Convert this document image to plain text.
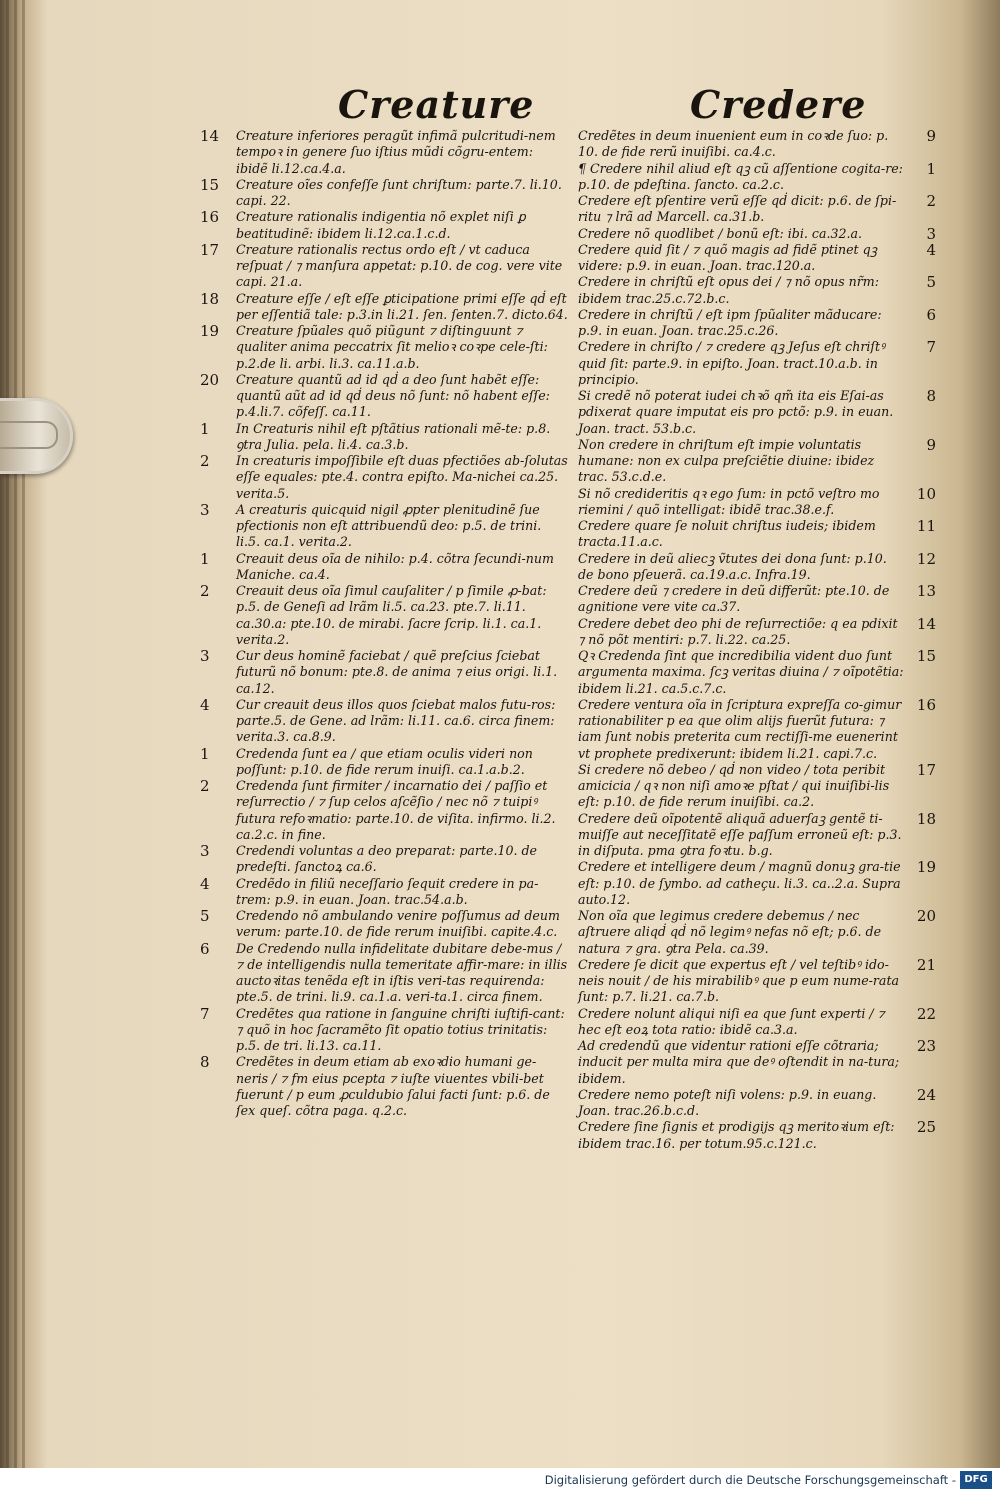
Creature	Credere
14 Creature inferiores peragũt infimã pulcritudi-nem tempoꝛ in genere ſuo iſtius mũdi cõgru-entem: ibidẽ li.12.ca.4.a.
15 Creature oĩes confeſſe ſunt chriſtum: parte.7. li.10. capi. 22.
16 Creature rationalis indigentia nõ explet niſi ꝑ beatitudinẽ: ibidem li.12.ca.1.c.d.
17 Creature rationalis rectus ordo eſt / vt caduca reſpuat / ⁊ manſura appetat: p.10. de cog. vere vite capi. 21.a.
18 Creature eſſe / eſt eſſe ꝑticipatione primi eſſe qḋ eſt per eſſentiã tale: p.3.in li.21. ſen. ſenten.7. dicto.64.
19 Creature ſpũales quõ piũgunt ⁊ diſtinguunt ⁊ qualiter anima peccatrix ſit melioꝛ coꝛpe cele-ſti: p.2.de li. arbi. li.3. ca.11.a.b.
20 Creature quantũ ad id qḋ a deo ſunt habẽt eſſe: quantũ aũt ad id qḋ deus nõ ſunt: nõ habent eſſe: p.4.li.7. cõfeſſ. ca.11.
1 In Creaturis nihil eſt pſtãtius rationali mẽ-te: p.8. ꝯtra Julia. pela. li.4. ca.3.b.
2 In creaturis impoſſibile eſt duas pfectiões ab-ſolutas eſſe equales: pte.4. contra epiſto. Ma-nichei ca.25. verita.5.
3 A creaturis quicquid nigil ꝓpter plenitudinẽ ſue pfectionis non eſt attribuendũ deo: p.5. de trini. li.5. ca.1. verita.2.
1 Creauit deus oĩa de nihilo: p.4. cõtra ſecundi-num Maniche. ca.4.
2 Creauit deus oĩa ſimul cauſaliter / p ſimile ꝓ-bat: p.5. de Geneſi ad lrãm li.5. ca.23. pte.7. li.11. ca.30.a: pte.10. de mirabi. ſacre ſcrip. li.1. ca.1. verita.2.
3 Cur deus hominẽ faciebat / quẽ preſcius ſciebat futurũ nõ bonum: pte.8. de anima ⁊ eius origi. li.1. ca.12.
4 Cur creauit deus illos quos ſciebat malos futu-ros: parte.5. de Gene. ad lrãm: li.11. ca.6. circa finem: verita.3. ca.8.9.
1 Credenda ſunt ea / que etiam oculis videri non poſſunt: p.10. de fide rerum inuiſi. ca.1.a.b.2.
2 Credenda ſunt firmiter / incarnatio dei / paſſio et reſurrectio / ⁊ ſup celos aſcẽſio / nec nõ ⁊ tuipiꝰ futura refoꝛmatio: parte.10. de viſita. infirmo. li.2. ca.2.c. in fine.
3 Credendi voluntas a deo preparat: parte.10. de predeſti. ſanctoꝝ ca.6.
4 Credẽdo in filiũ neceſſario ſequit credere in pa-trem: p.9. in euan. Joan. trac.54.a.b.
5 Credendo nõ ambulando venire poſſumus ad deum verum: parte.10. de fide rerum inuiſibi. capite.4.c.
6 De Credendo nulla infidelitate dubitare debe-mus / ⁊ de intelligendis nulla temeritate affir-mare: in illis auctoꝛitas tenẽda eſt in iſtis veri-tas requirenda: pte.5. de trini. li.9. ca.1.a. veri-ta.1. circa finem.
7 Credẽtes qua ratione in ſanguine chriſti iuſtifi-cant: ⁊ quõ in hoc ſacramẽto ſit opatio totius trinitatis: p.5. de tri. li.13. ca.11.
8 Credẽtes in deum etiam ab exoꝛdio humani ge-neris / ⁊ fm eius pcepta ⁊ iuſte viuentes vbili-bet fuerunt / p eum ꝓculdubio ſalui facti ſunt: p.6. de ſex queſ. cõtra paga. q.2.c.
9
Credẽtes in deum inuenient eum in coꝛde ſuo: p. 10. de fide rerũ inuiſibi. ca.4.c.
1
¶ Credere nihil aliud eſt qꝫ cũ aſſentione cogita-re: p.10. de pdeſtina. ſancto. ca.2.c.
2
Credere eſt pſentire verũ eſſe qḋ dicit: p.6. de ſpi-ritu ⁊ lrã ad Marcell. ca.31.b.
3
Credere nõ quodlibet / bonũ eſt: ibi. ca.32.a.
4
Credere quid ſit / ⁊ quõ magis ad fidẽ ptinet qꝫ videre: p.9. in euan. Joan. trac.120.a.
5
Credere in chriſtũ eſt opus dei / ⁊ nõ opus nr̃m: ibidem trac.25.c.72.b.c.
6
Credere in chriſtũ / eſt ipm ſpũaliter mãducare: p.9. in euan. Joan. trac.25.c.26.
7
Credere in chriſto / ⁊ credere qꝫ Jeſus eſt chriſtꝰ quid ſit: parte.9. in epiſto. Joan. tract.10.a.b. in principio.
8
Si credẽ nõ poterat iudei chꝛõ qm̃ ita eis Eſai-as pdixerat quare imputat eis pro pctõ: p.9. in euan. Joan. tract. 53.b.c.
9
Non credere in chriſtum eſt impie voluntatis humane: non ex culpa preſciẽtie diuine: ibidez trac. 53.c.d.e.
10
Si nõ credideritis qꝛ ego ſum: in pctõ veſtro mo riemini / quõ intelligat: ibidẽ trac.38.e.f.
11
Credere quare ſe noluit chriſtus iudeis; ibidem tracta.11.a.c.
12
Credere in deũ aliecꝫ ṽtutes dei dona ſunt: p.10. de bono pſeuerã. ca.19.a.c. Infra.19.
13
Credere deũ ⁊ credere in deũ differũt: pte.10. de agnitione vere vite ca.37.
14
Credere debet deo phi de reſurrectiõe: q ea pdixit ⁊ nõ põt mentiri: p.7. li.22. ca.25.
15
Qꝛ Credenda ſint que incredibilia vident duo ſunt argumenta maxima. ſcꝫ veritas diuina / ⁊ oĩpotẽtia: ibidem li.21. ca.5.c.7.c.
16
Credere ventura oĩa in ſcriptura expreſſa co-gimur rationabiliter p ea que olim alijs fuerũt futura: ⁊ iam ſunt nobis preterita cum rectiſſi-me euenerint vt prophete predixerunt: ibidem li.21. capi.7.c.
17
Si credere nõ debeo / qḋ non video / tota peribit amicicia / qꝛ non niſi amoꝛe pſtat / qui inuiſibi-lis eſt: p.10. de fide rerum inuiſibi. ca.2.
18
Credere deũ oĩpotentẽ aliquã aduerſaꝫ gentẽ ti-muiſſe aut neceſſitatẽ eſſe paſſum erroneũ eſt: p.3. in diſputa. pma ꝯtra foꝛtu. b.g.
19
Credere et intelligere deum / magnũ donuꝫ gra-tie eſt: p.10. de ſymbo. ad catheçu. li.3. ca..2.a. Supra auto.12.
20
Non oĩa que legimus credere debemus / nec aſtruere aliqḋ qḋ nõ legimꝰ nefas nõ eſt; p.6. de natura ⁊ gra. ꝯtra Pela. ca.39.
21
Credere ſe dicit que expertus eſt / vel teſtibꝰ ido-neis nouit / de his mirabilibꝰ que p eum nume-rata ſunt: p.7. li.21. ca.7.b.
22
Credere nolunt aliqui niſi ea que ſunt experti / ⁊ hec eſt eoꝝ tota ratio: ibidẽ ca.3.a.
23
Ad credendũ que videntur rationi eſſe cõtraria; inducit per multa mira que deꝰ oſtendit in na-tura; ibidem.
24
Credere nemo poteſt niſi volens: p.9. in euang. Joan. trac.26.b.c.d.
25
Credere ſine ſignis et prodigijs qꝫ meritoꝛium eſt: ibidem trac.16. per totum.95.c.121.c.
Digitalisierung gefördert durch die Deutsche Forschungsgemeinschaft - DFG
